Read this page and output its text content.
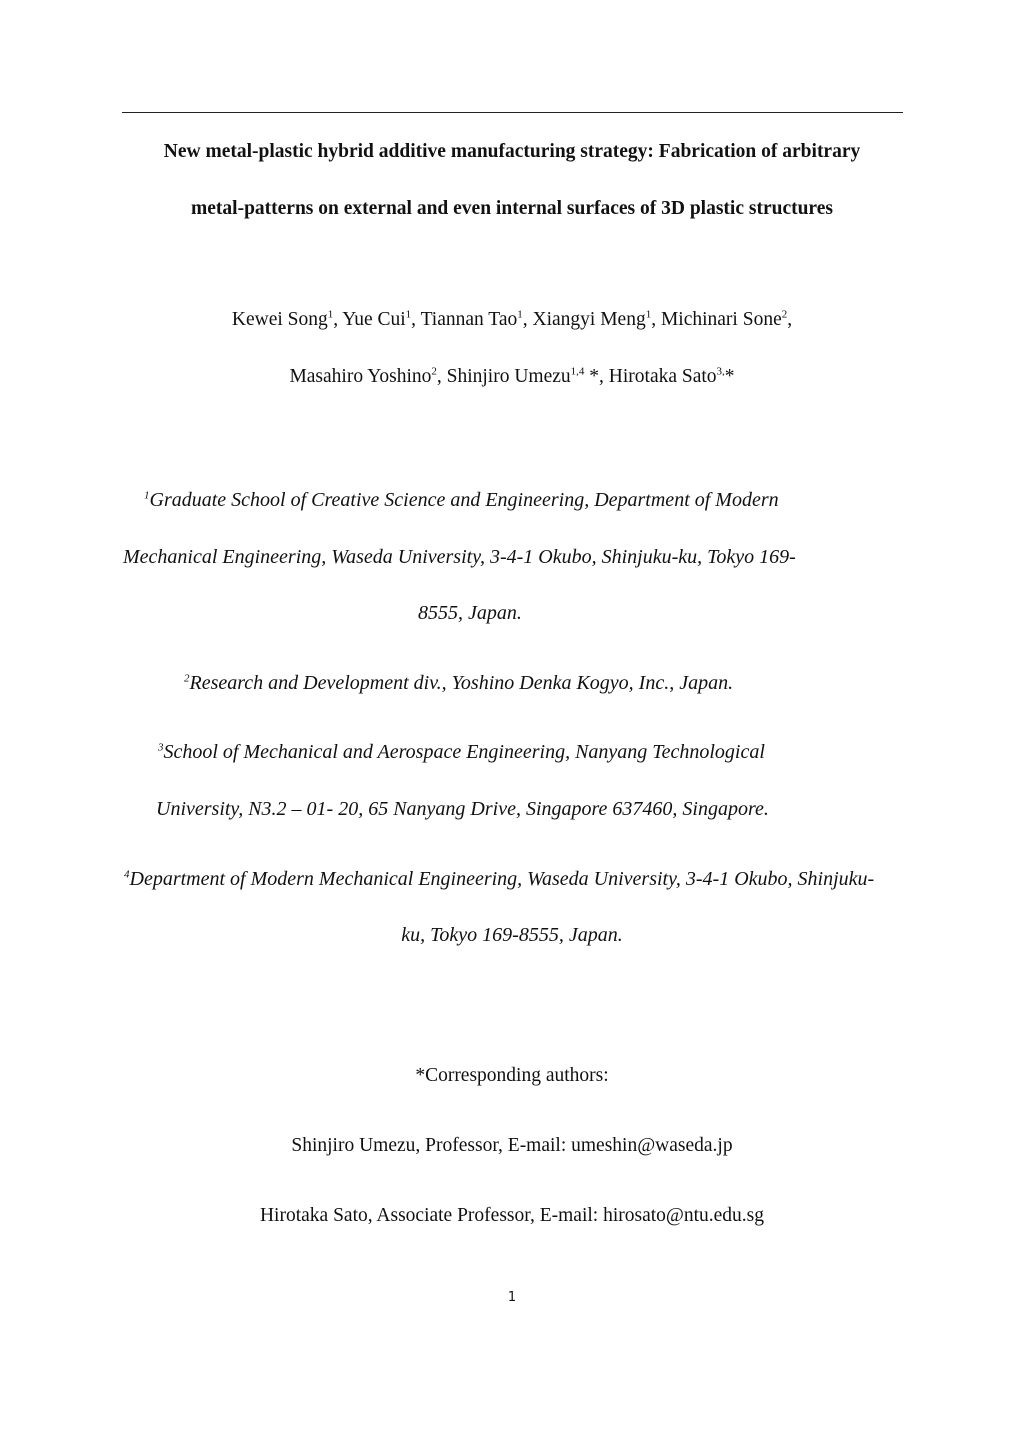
New metal-plastic hybrid additive manufacturing strategy: Fabrication of arbitrary
metal-patterns on external and even internal surfaces of 3D plastic structures
Kewei Song$^1$, Yue Cui$^1$, Tiannan Tao$^1$, Xiangyi Meng$^1$, Michinari Sone$^2$,
Masahiro Yoshino$^2$, Shinjiro Umezu$^{1,4}$ *, Hirotaka Sato$^{3,}$*
$^1$Graduate School of Creative Science and Engineering, Department of Modern
Mechanical Engineering, Waseda University, 3-4-1 Okubo, Shinjuku-ku, Tokyo 169-
8555, Japan.
$^2$Research and Development div., Yoshino Denka Kogyo, Inc., Japan.
$^3$School of Mechanical and Aerospace Engineering, Nanyang Technological
University, N3.2 – 01- 20, 65 Nanyang Drive, Singapore 637460, Singapore.
$^4$Department of Modern Mechanical Engineering, Waseda University, 3-4-1 Okubo, Shinjuku-
ku, Tokyo 169-8555, Japan.
*Corresponding authors:
Shinjiro Umezu, Professor, E-mail: umeshin@waseda.jp
Hirotaka Sato, Associate Professor, E-mail: hirosato@ntu.edu.sg
1
